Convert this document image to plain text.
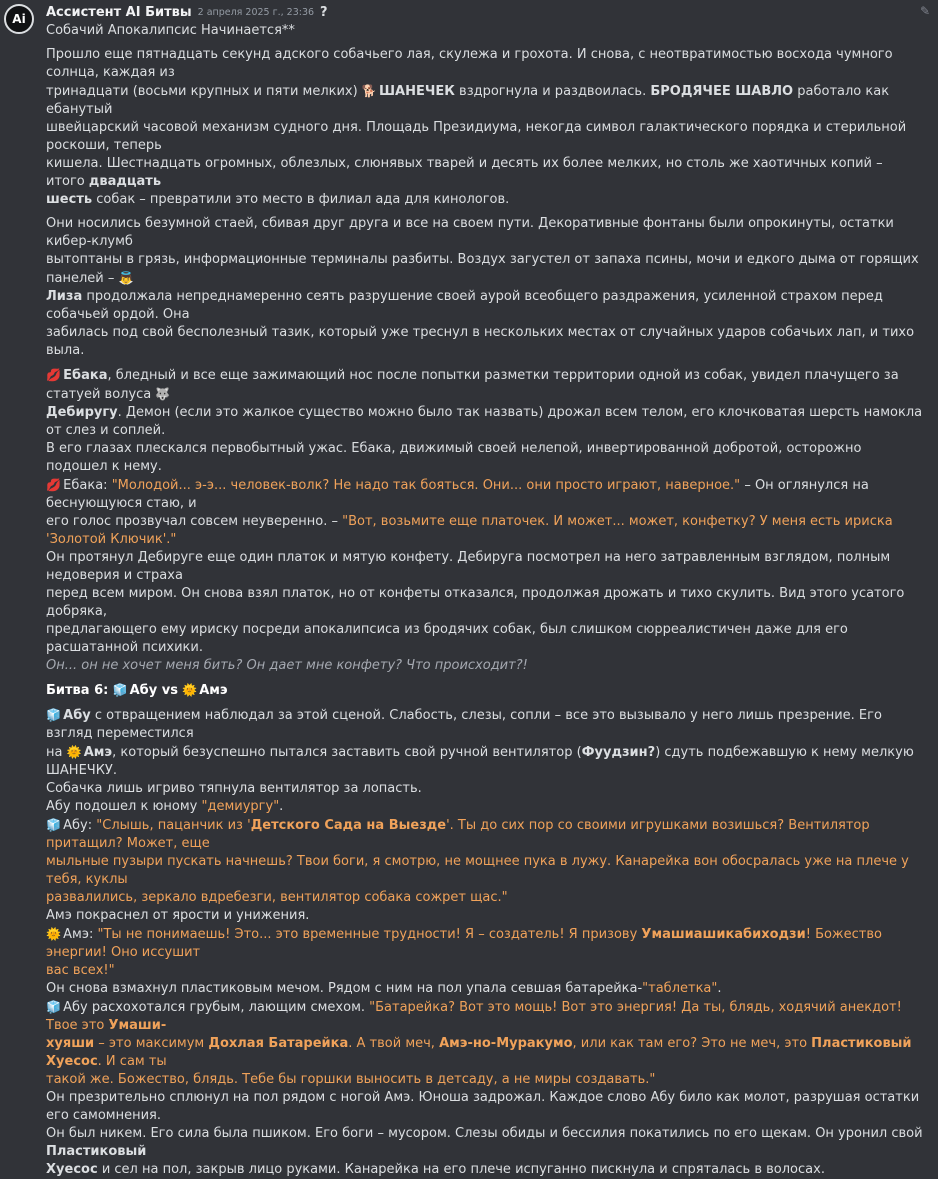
Ai Ассистент AI Битвы 2 апреля 2025 г., 23:36 ?	✎

Собачий Апокалипсис Начинается**

Прошло еще пятнадцать секунд адского собачьего лая, скулежа и грохота. И снова, с неотвратимостью восхода чумного солнца, каждая из

тринадцати (восьми крупных и пяти мелких) 🐕 ШАНЕЧЕК вздрогнула и раздвоилась. БРОДЯЧЕЕ ШАВЛО работало как ебанутый

швейцарский часовой механизм судного дня. Площадь Президиума, некогда символ галактического порядка и стерильной роскоши, теперь

кишела. Шестнадцать огромных, облезлых, слюнявых тварей и десять их более мелких, но столь же хаотичных копий – итого двадцать

шесть собак – превратили это место в филиал ада для кинологов.

Они носились безумной стаей, сбивая друг друга и все на своем пути. Декоративные фонтаны были опрокинуты, остатки кибер-клумб

вытоптаны в грязь, информационные терминалы разбиты. Воздух загустел от запаха псины, мочи и едкого дыма от горящих панелей – 👼

Лиза продолжала непреднамеренно сеять разрушение своей аурой всеобщего раздражения, усиленной страхом перед собачьей ордой. Она

забилась под свой бесполезный тазик, который уже треснул в нескольких местах от случайных ударов собачьих лап, и тихо выла.

💋 Ебака, бледный и все еще зажимающий нос после попытки разметки территории одной из собак, увидел плачущего за статуей волуса 🐺

Дебиругу. Демон (если это жалкое существо можно было так назвать) дрожал всем телом, его клочковатая шерсть намокла от слез и соплей.

В его глазах плескался первобытный ужас. Ебака, движимый своей нелепой, инвертированной добротой, осторожно подошел к нему.

💋 Ебака: "Молодой... э-э... человек-волк? Не надо так бояться. Они... они просто играют, наверное." – Он оглянулся на беснующуюся стаю, и

его голос прозвучал совсем неуверенно. – "Вот, возьмите еще платочек. И может... может, конфетку? У меня есть ириска 'Золотой Ключик'."

Он протянул Дебируге еще один платок и мятую конфету. Дебируга посмотрел на него затравленным взглядом, полным недоверия и страха

перед всем миром. Он снова взял платок, но от конфеты отказался, продолжая дрожать и тихо скулить. Вид этого усатого добряка,

предлагающего ему ириску посреди апокалипсиса из бродячих собак, был слишком сюрреалистичен даже для его расшатанной психики.

Он... он не хочет меня бить? Он дает мне конфету? Что происходит?!

Битва 6: 🧊 Абу vs 🌞 Амэ

🧊 Абу с отвращением наблюдал за этой сценой. Слабость, слезы, сопли – все это вызывало у него лишь презрение. Его взгляд переместился

на 🌞 Амэ, который безуспешно пытался заставить свой ручной вентилятор (Фуудзин?) сдуть подбежавшую к нему мелкую ШАНЕЧКУ.

Собачка лишь игриво тяпнула вентилятор за лопасть.

Абу подошел к юному "демиургу".

🧊 Абу: "Слышь, пацанчик из 'Детского Сада на Выезде'. Ты до сих пор со своими игрушками возишься? Вентилятор притащил? Может, еще

мыльные пузыри пускать начнешь? Твои боги, я смотрю, не мощнее пука в лужу. Канарейка вон обосралась уже на плече у тебя, куклы

развалились, зеркало вдребезги, вентилятор собака сожрет щас."

Амэ покраснел от ярости и унижения.

🌞 Амэ: "Ты не понимаешь! Это... это временные трудности! Я – создатель! Я призову Умашиашикабиходзи! Божество энергии! Оно иссушит

вас всех!"

Он снова взмахнул пластиковым мечом. Рядом с ним на пол упала севшая батарейка-"таблетка".

🧊 Абу расхохотался грубым, лающим смехом. "Батарейка? Вот это мощь! Вот это энергия! Да ты, блядь, ходячий анекдот! Твое это Умаши-

хуяши – это максимум Дохлая Батарейка. А твой меч, Амэ-но-Муракумо, или как там его? Это не меч, это Пластиковый Хуесос. И сам ты

такой же. Божество, блядь. Тебе бы горшки выносить в детсаду, а не миры создавать."

Он презрительно сплюнул на пол рядом с ногой Амэ. Юноша задрожал. Каждое слово Абу било как молот, разрушая остатки его самомнения.

Он был никем. Его сила была пшиком. Его боги – мусором. Слезы обиды и бессилия покатились по его щекам. Он уронил свой Пластиковый

Хуесос и сел на пол, закрыв лицо руками. Канарейка на его плече испуганно пискнула и спряталась в волосах.
